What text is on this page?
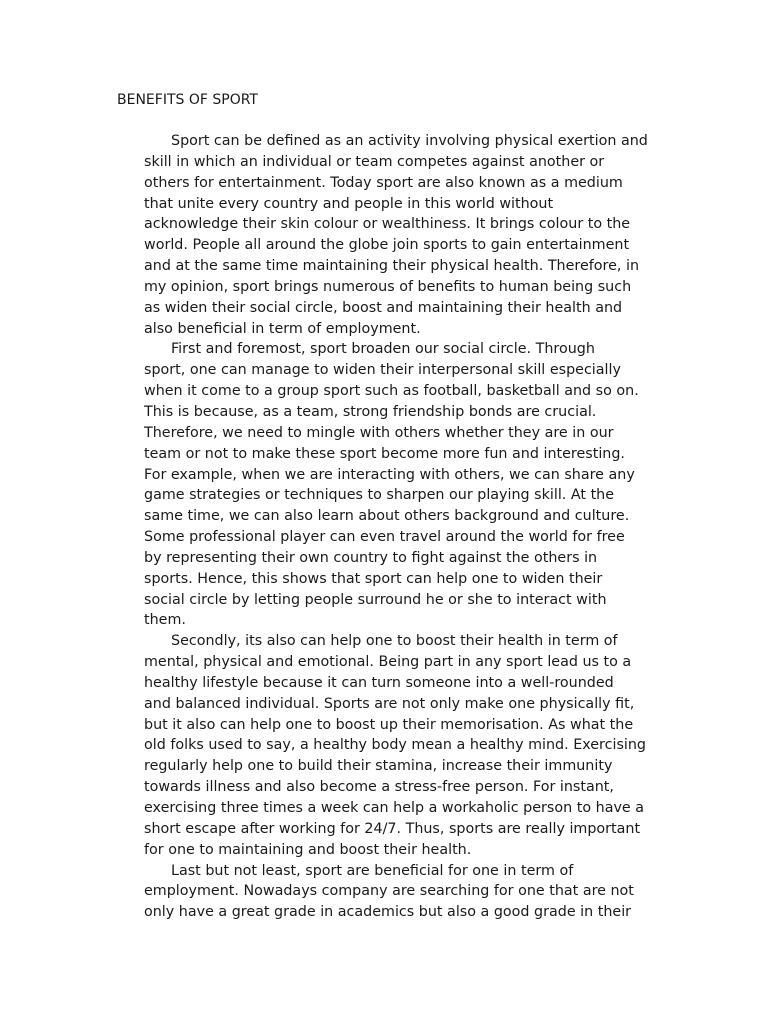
BENEFITS OF SPORT
Sport can be defined as an activity involving physical exertion and
skill in which an individual or team competes against another or
others for entertainment. Today sport are also known as a medium
that unite every country and people in this world without
acknowledge their skin colour or wealthiness. It brings colour to the
world. People all around the globe join sports to gain entertainment
and at the same time maintaining their physical health. Therefore, in
my opinion, sport brings numerous of benefits to human being such
as widen their social circle, boost and maintaining their health and
also beneficial in term of employment.
First and foremost, sport broaden our social circle. Through
sport, one can manage to widen their interpersonal skill especially
when it come to a group sport such as football, basketball and so on.
This is because, as a team, strong friendship bonds are crucial.
Therefore, we need to mingle with others whether they are in our
team or not to make these sport become more fun and interesting.
For example, when we are interacting with others, we can share any
game strategies or techniques to sharpen our playing skill. At the
same time, we can also learn about others background and culture.
Some professional player can even travel around the world for free
by representing their own country to fight against the others in
sports. Hence, this shows that sport can help one to widen their
social circle by letting people surround he or she to interact with
them.
Secondly, its also can help one to boost their health in term of
mental, physical and emotional. Being part in any sport lead us to a
healthy lifestyle because it can turn someone into a well-rounded
and balanced individual. Sports are not only make one physically fit,
but it also can help one to boost up their memorisation. As what the
old folks used to say, a healthy body mean a healthy mind. Exercising
regularly help one to build their stamina, increase their immunity
towards illness and also become a stress-free person. For instant,
exercising three times a week can help a workaholic person to have a
short escape after working for 24/7. Thus, sports are really important
for one to maintaining and boost their health.
Last but not least, sport are beneficial for one in term of
employment. Nowadays company are searching for one that are not
only have a great grade in academics but also a good grade in their
